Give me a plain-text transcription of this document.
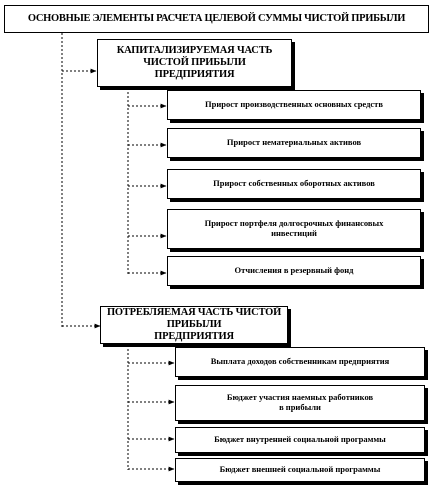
ОСНОВНЫЕ ЭЛЕМЕНТЫ РАСЧЕТА ЦЕЛЕВОЙ СУММЫ ЧИСТОЙ ПРИБЫЛИ
КАПИТАЛИЗИРУЕМАЯ ЧАСТЬ ЧИСТОЙ ПРИБЫЛИ
ПРЕДПРИЯТИЯ
Прирост производственных основных средств
Прирост нематериальных активов
Прирост собственных оборотных активов
Прирост портфеля долгосрочных финансовых
инвестиций
Отчисления в резервный фонд
ПОТРЕБЛЯЕМАЯ ЧАСТЬ ЧИСТОЙ ПРИБЫЛИ
ПРЕДПРИЯТИЯ
Выплата доходов собственникам предприятия
Бюджет участия наемных работников
в прибыли
Бюджет внутренней социальной программы
Бюджет внешней социальной программы
